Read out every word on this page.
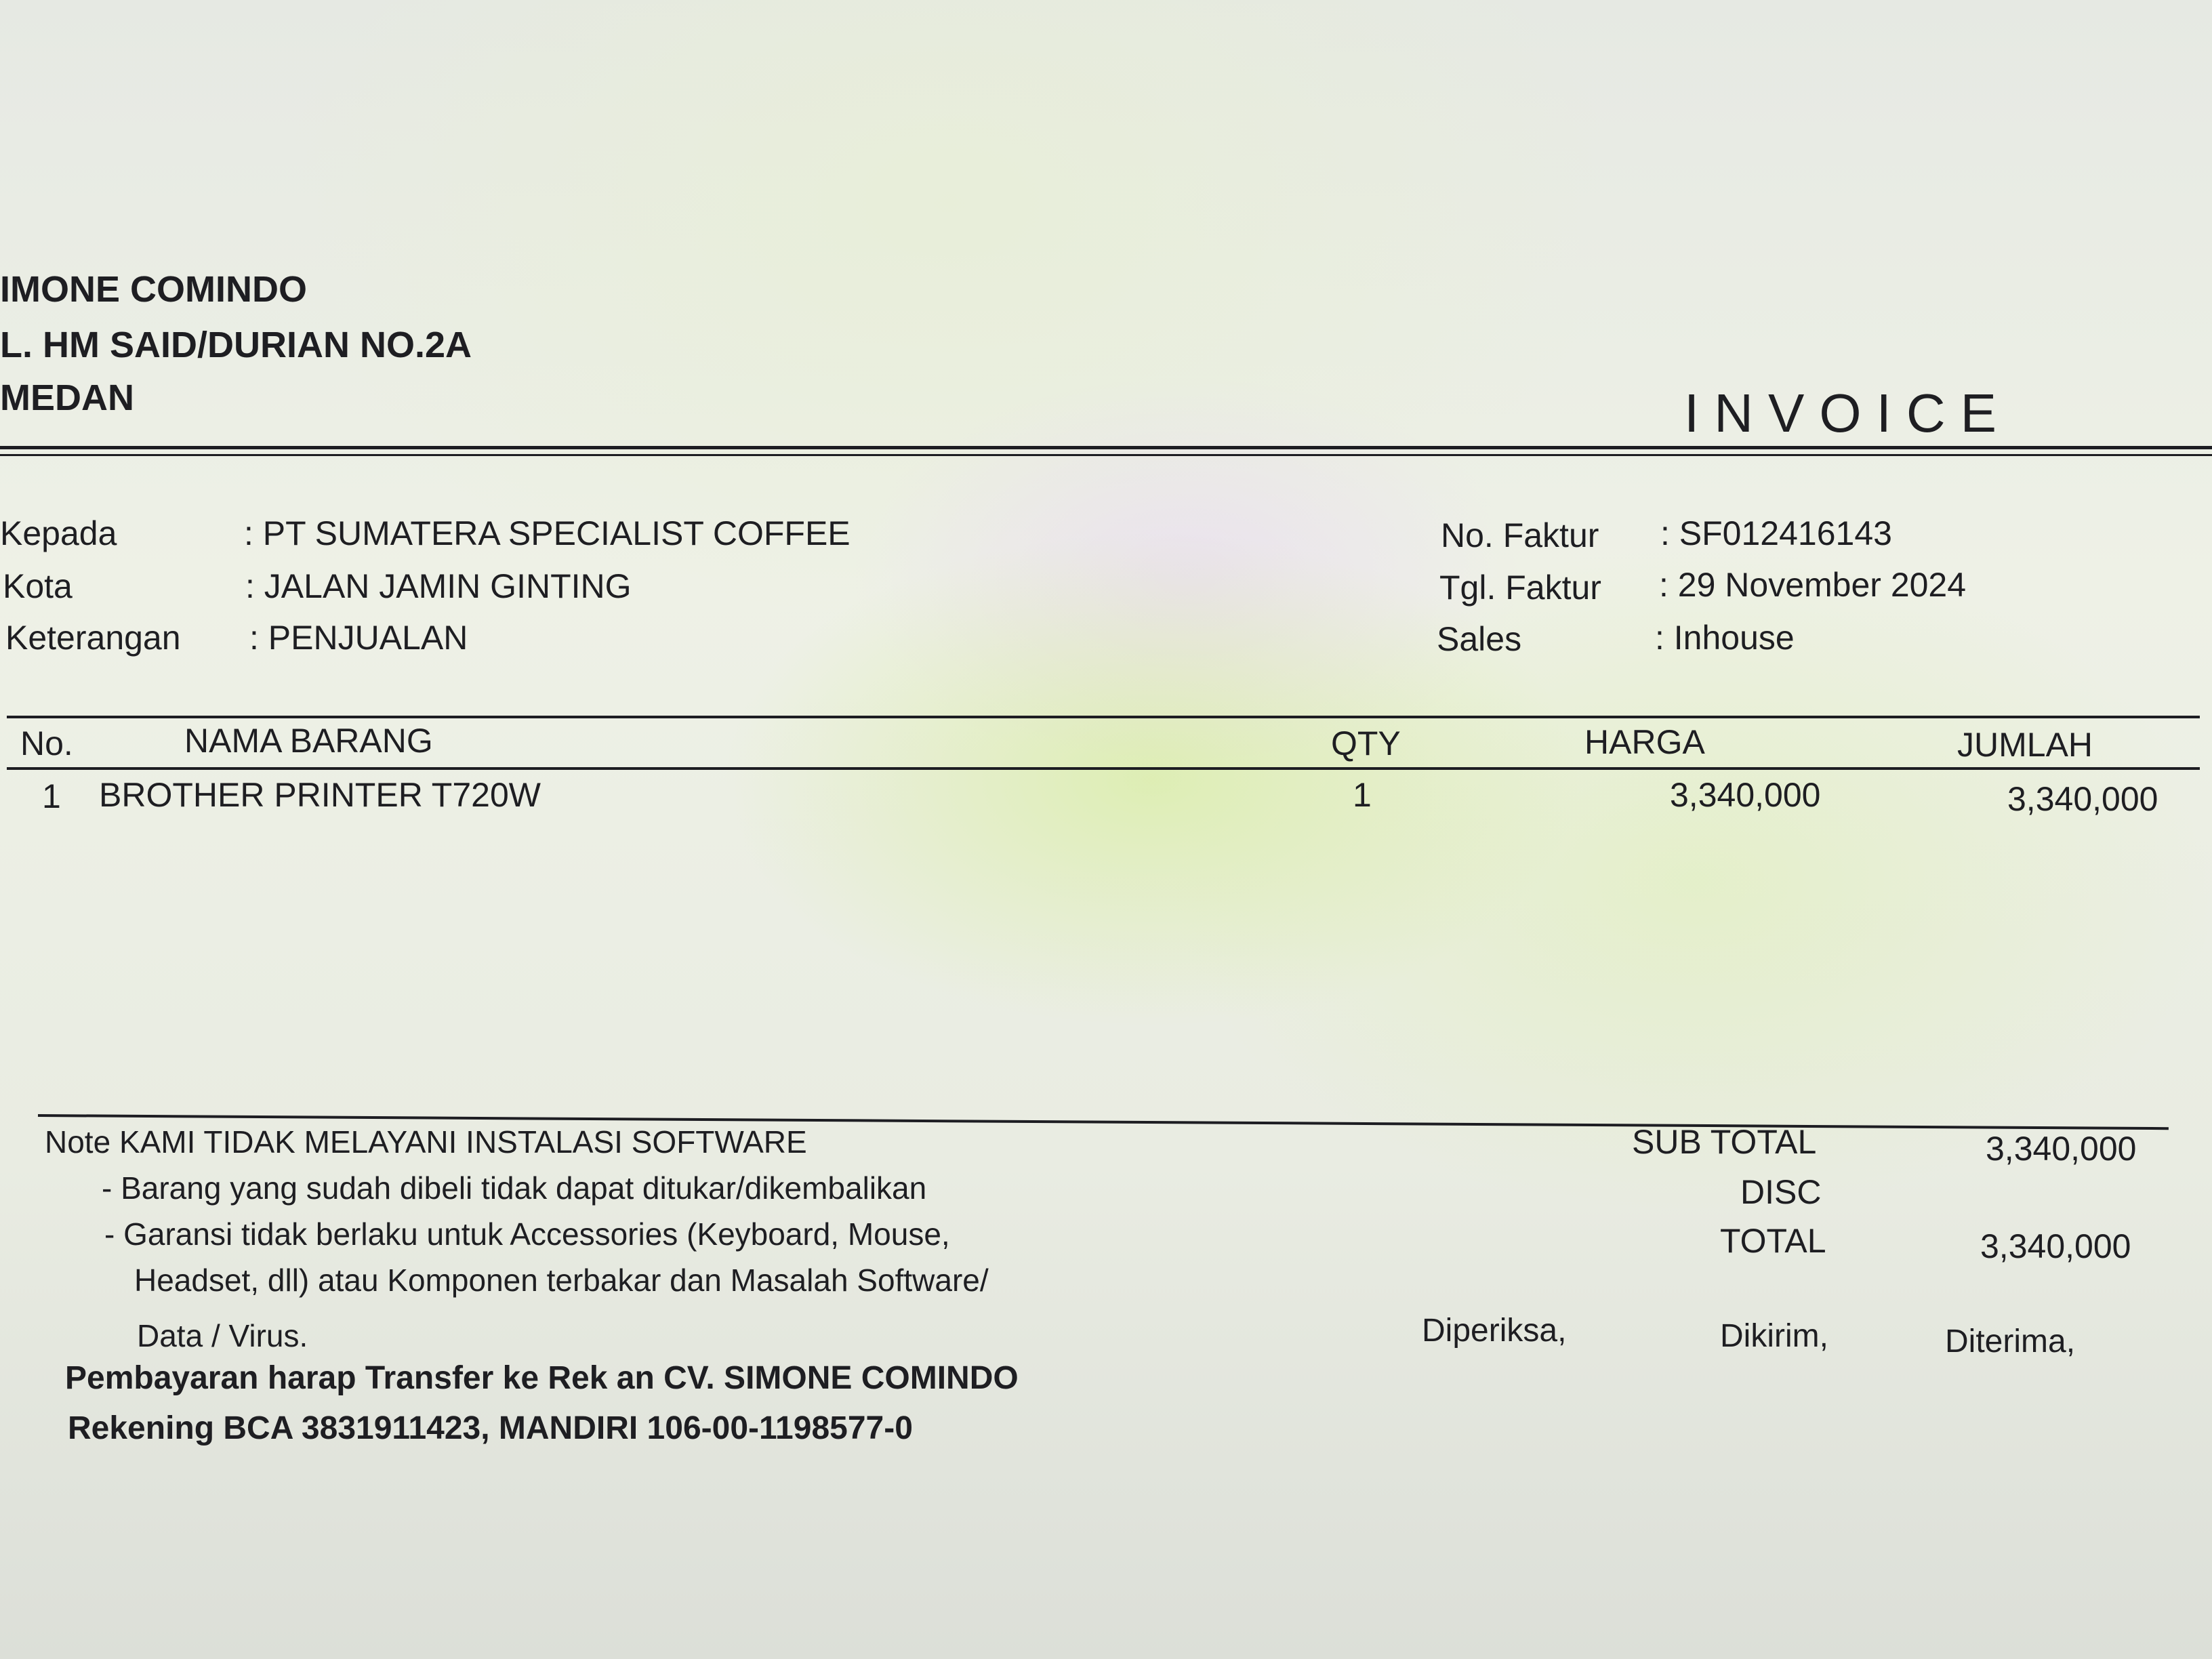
IMONE COMINDO
L. HM SAID/DURIAN NO.2A
MEDAN	INVOICE
Kepada	: PT SUMATERA SPECIALIST COFFEE
Kota	: JALAN JAMIN GINTING
Keterangan : PENJUALAN
No. Faktur : SF012416143
Tgl. Faktur : 29 November 2024
Sales	: Inhouse
No.	NAMA BARANG	QTY	HARGA	JUMLAH
1 BROTHER PRINTER T720W	1	3,340,000	3,340,000
Note KAMI TIDAK MELAYANI INSTALASI SOFTWARE
- Barang yang sudah dibeli tidak dapat ditukar/dikembalikan
- Garansi tidak berlaku untuk Accessories (Keyboard, Mouse,
Headset, dll) atau Komponen terbakar dan Masalah Software/
Data / Virus.
Pembayaran harap Transfer ke Rek an CV. SIMONE COMINDO
Rekening BCA 3831911423, MANDIRI 106-00-1198577-0
SUB TOTAL	3,340,000
DISC
TOTAL	3,340,000
Diperiksa,	Dikirim,	Diterima,
